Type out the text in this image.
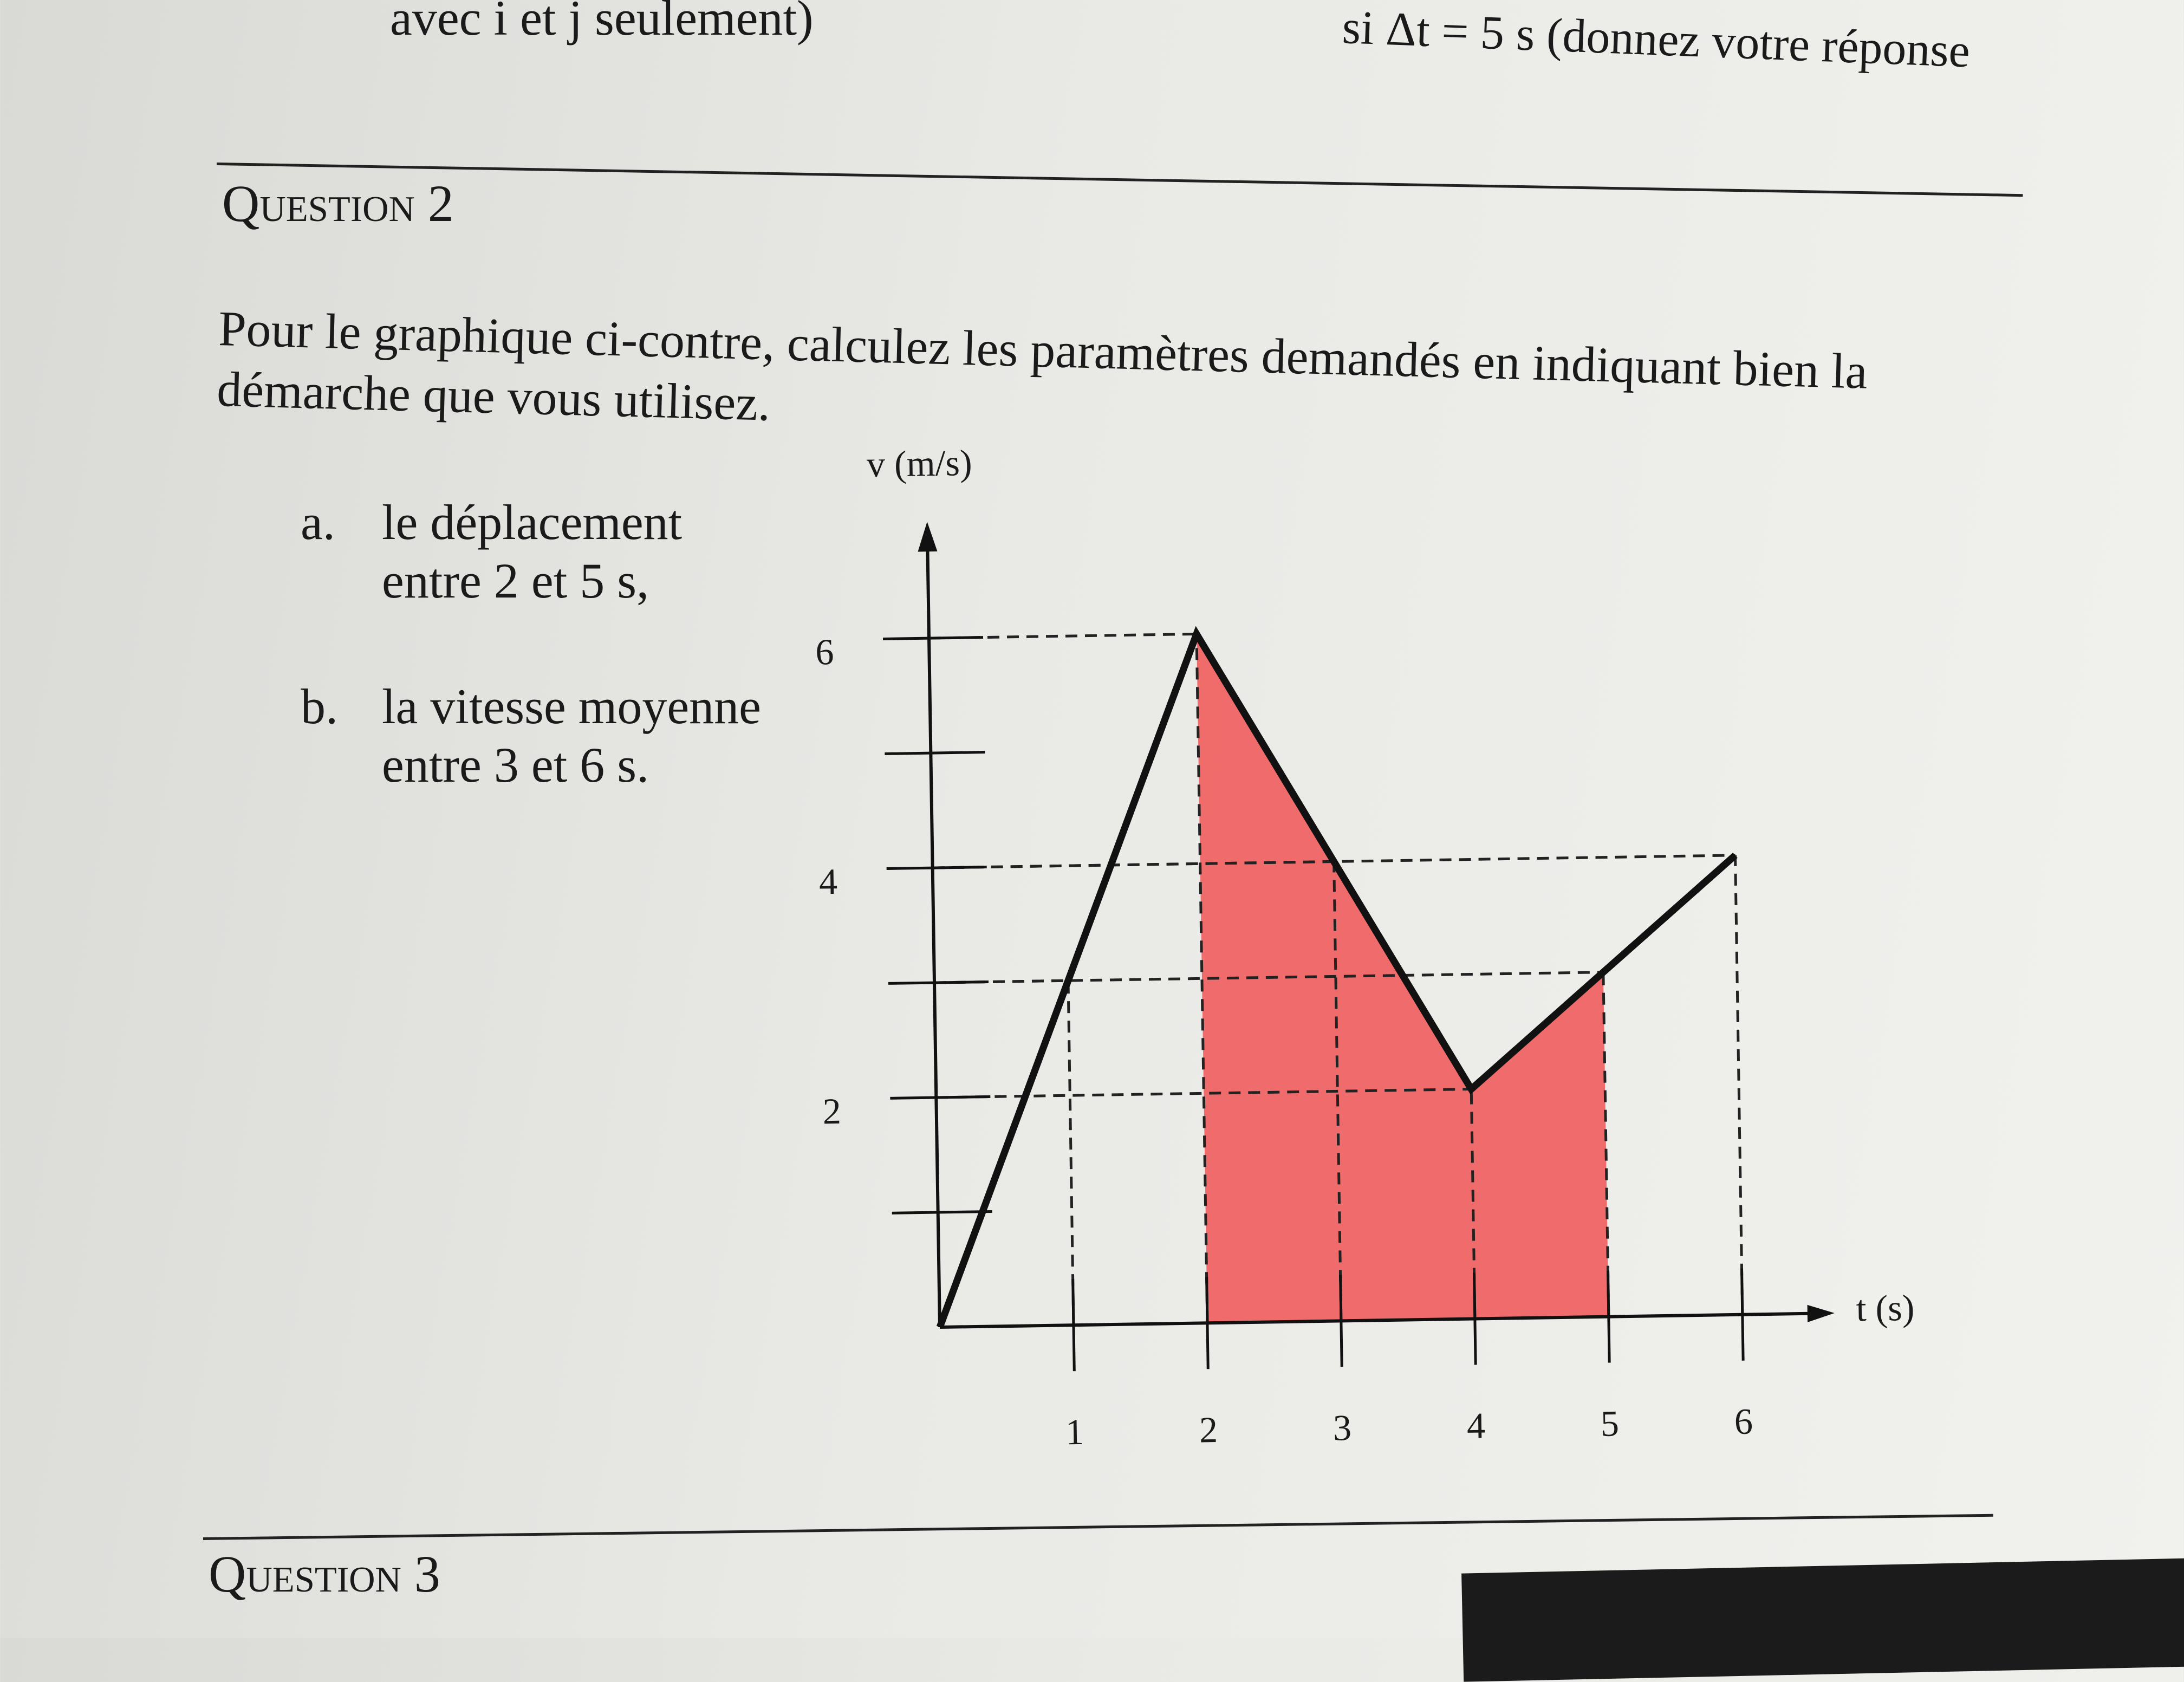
avec i et j seulement)	si Δt = 5 s (donnez votre réponse
Question 2
Pour le graphique ci-contre, calculez les paramètres demandés en indiquant bien la démarche que vous utilisez.
a. le déplacement
entre 2 et 5 s,
b. la vitesse moyenne
entre 3 et 6 s.
1	2	3	4	5	6
2
4
6
v (m/s)
t (s)
Question 3
